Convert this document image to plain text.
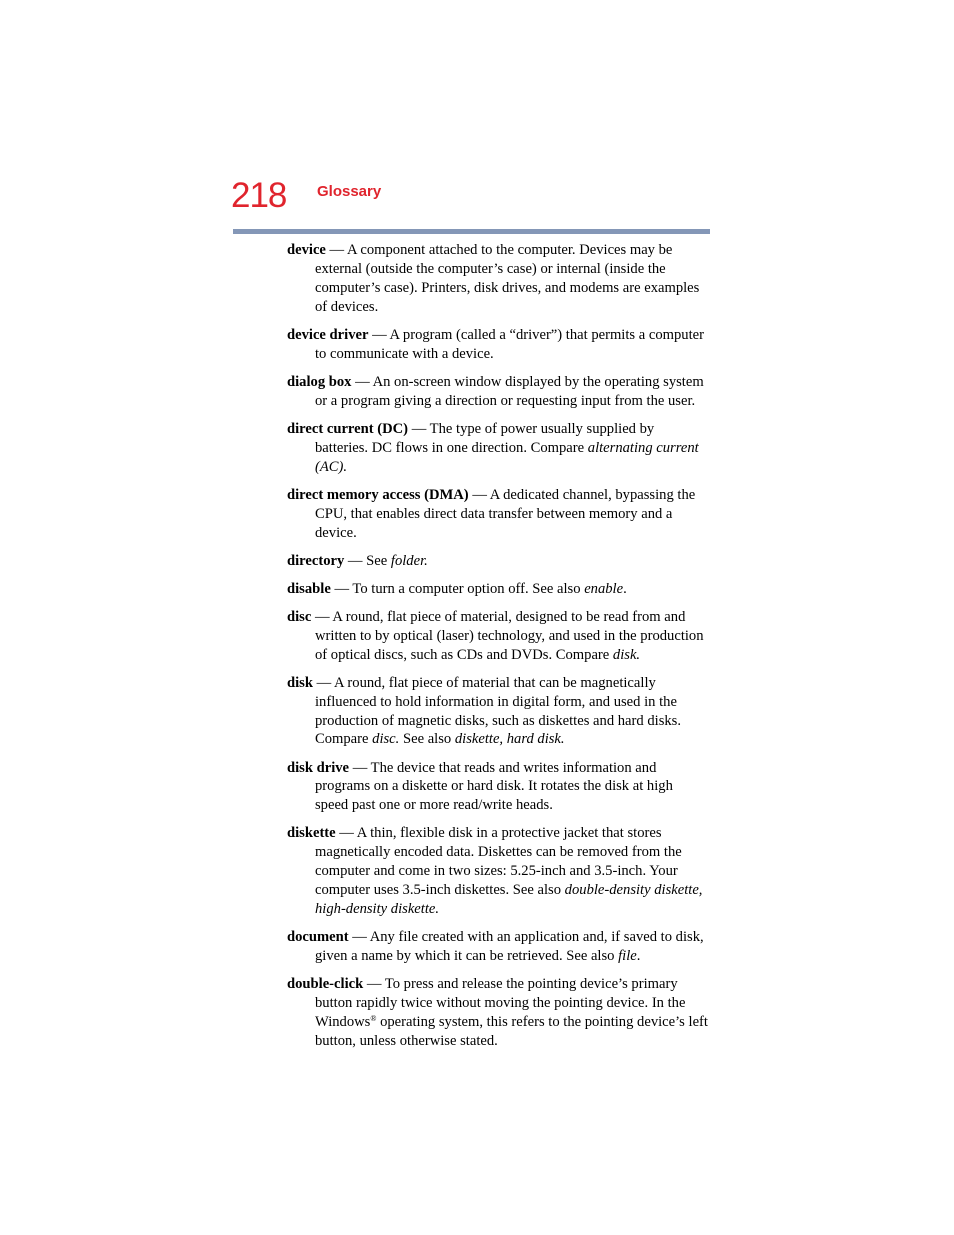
218 Glossary

device — A component attached to the computer. Devices may be external (outside the computer’s case) or internal (inside the computer’s case). Printers, disk drives, and modems are examples of devices.

device driver — A program (called a “driver”) that permits a computer to communicate with a device.

dialog box — An on-screen window displayed by the operating system or a program giving a direction or requesting input from the user.

direct current (DC) — The type of power usually supplied by batteries. DC flows in one direction. Compare alternating current (AC).

direct memory access (DMA) — A dedicated channel, bypassing the CPU, that enables direct data transfer between memory and a device.

directory — See folder.

disable — To turn a computer option off. See also enable.

disc — A round, flat piece of material, designed to be read from and written to by optical (laser) technology, and used in the production of optical discs, such as CDs and DVDs. Compare disk.

disk — A round, flat piece of material that can be magnetically influenced to hold information in digital form, and used in the production of magnetic disks, such as diskettes and hard disks. Compare disc. See also diskette, hard disk.

disk drive — The device that reads and writes information and programs on a diskette or hard disk. It rotates the disk at high speed past one or more read/write heads.

diskette — A thin, flexible disk in a protective jacket that stores magnetically encoded data. Diskettes can be removed from the computer and come in two sizes: 5.25-inch and 3.5-inch. Your computer uses 3.5-inch diskettes. See also double-density diskette, high-density diskette.

document — Any file created with an application and, if saved to disk, given a name by which it can be retrieved. See also file.

double-click — To press and release the pointing device’s primary button rapidly twice without moving the pointing device. In the Windows® operating system, this refers to the pointing device’s left button, unless otherwise stated.
